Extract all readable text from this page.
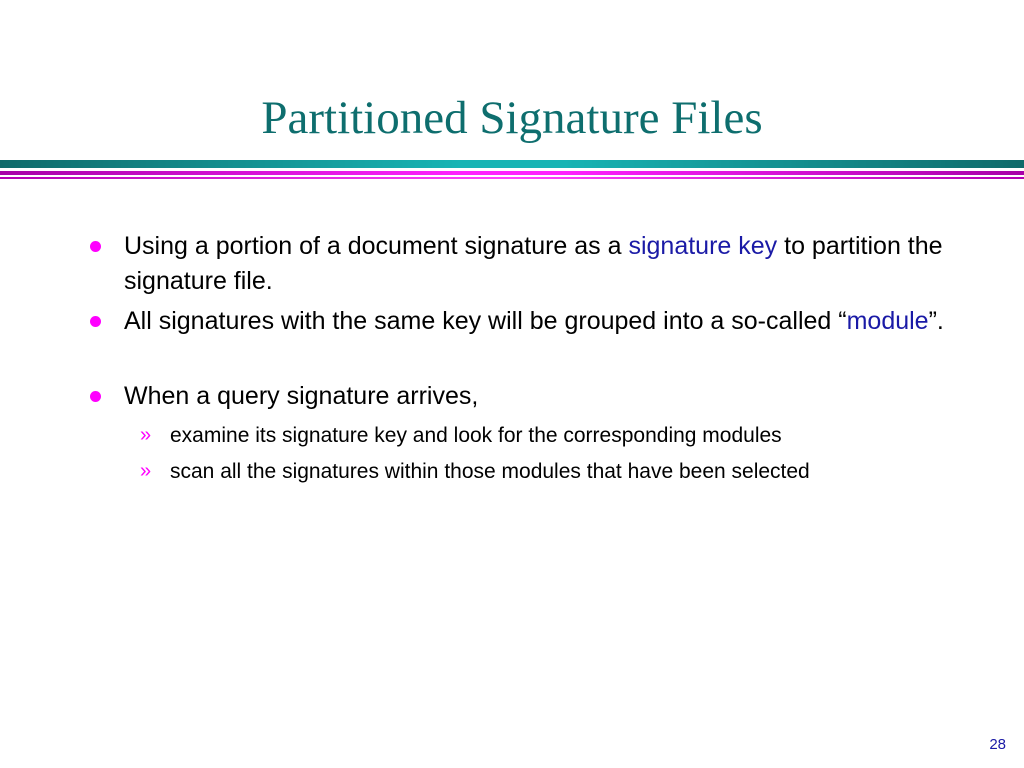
Partitioned Signature Files
Using a portion of a document signature as a signature key to partition the signature file.
All signatures with the same key will be grouped into a so-called “module”.
When a query signature arrives,
» examine its signature key and look for the corresponding modules
» scan all the signatures within those modules that have been selected
28
